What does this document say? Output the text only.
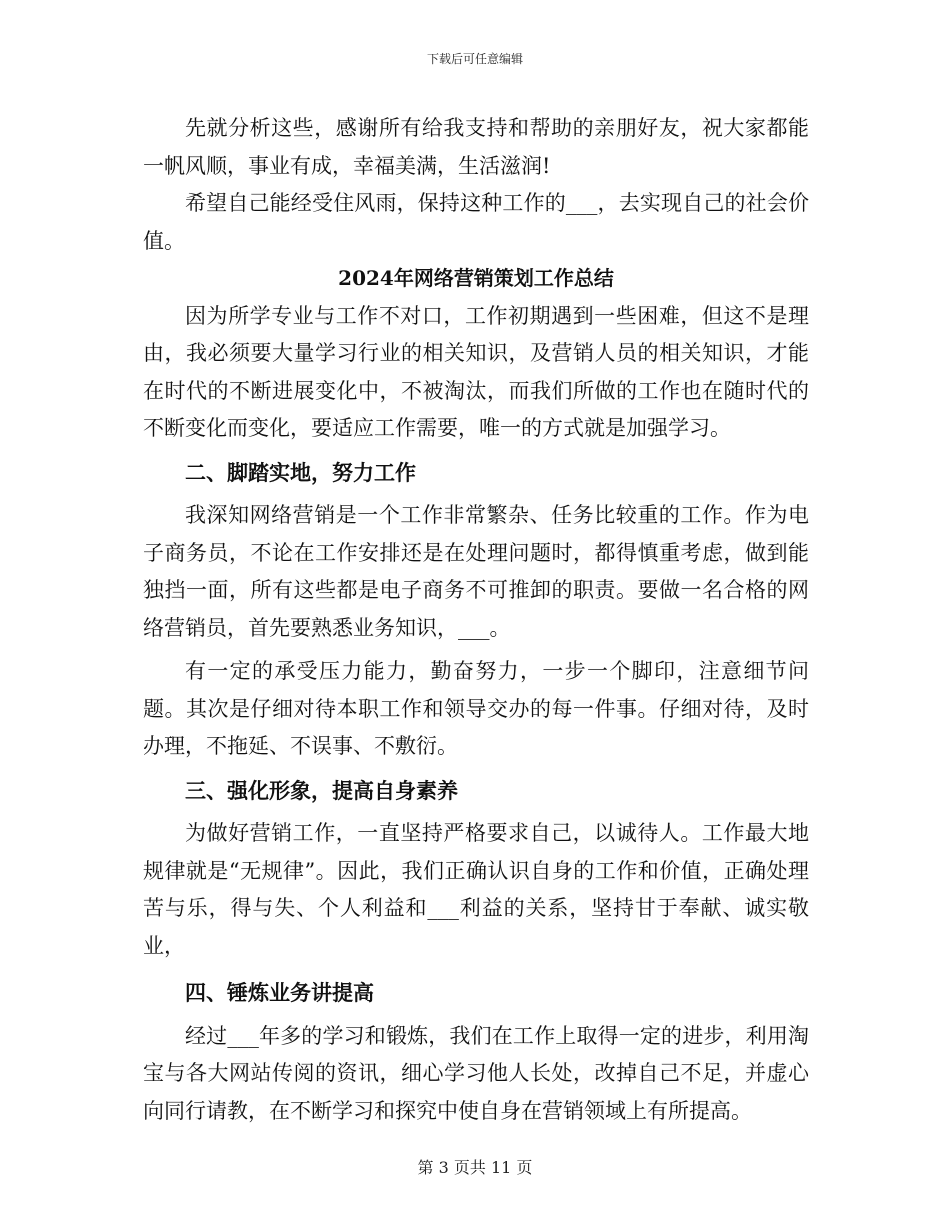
下载后可任意编辑

先就分析这些，感谢所有给我支持和帮助的亲朋好友，祝大家都能一帆风顺，事业有成，幸福美满，生活滋润!

希望自己能经受住风雨，保持这种工作的___，去实现自己的社会价值。

2024年网络营销策划工作总结

因为所学专业与工作不对口，工作初期遇到一些困难，但这不是理由，我必须要大量学习行业的相关知识，及营销人员的相关知识，才能在时代的不断进展变化中，不被淘汰，而我们所做的工作也在随时代的不断变化而变化，要适应工作需要，唯一的方式就是加强学习。

二、脚踏实地，努力工作

我深知网络营销是一个工作非常繁杂、任务比较重的工作。作为电子商务员，不论在工作安排还是在处理问题时，都得慎重考虑，做到能独挡一面，所有这些都是电子商务不可推卸的职责。要做一名合格的网络营销员，首先要熟悉业务知识，___。

有一定的承受压力能力，勤奋努力，一步一个脚印，注意细节问题。其次是仔细对待本职工作和领导交办的每一件事。仔细对待，及时办理，不拖延、不误事、不敷衍。

三、强化形象，提高自身素养

为做好营销工作，一直坚持严格要求自己，以诚待人。工作最大地规律就是“无规律”。因此，我们正确认识自身的工作和价值，正确处理苦与乐，得与失、个人利益和___利益的关系，坚持甘于奉献、诚实敬业，

四、锤炼业务讲提高

经过___年多的学习和锻炼，我们在工作上取得一定的进步，利用淘宝与各大网站传阅的资讯，细心学习他人长处，改掉自己不足，并虚心向同行请教，在不断学习和探究中使自身在营销领域上有所提高。

第 3 页共 11 页
